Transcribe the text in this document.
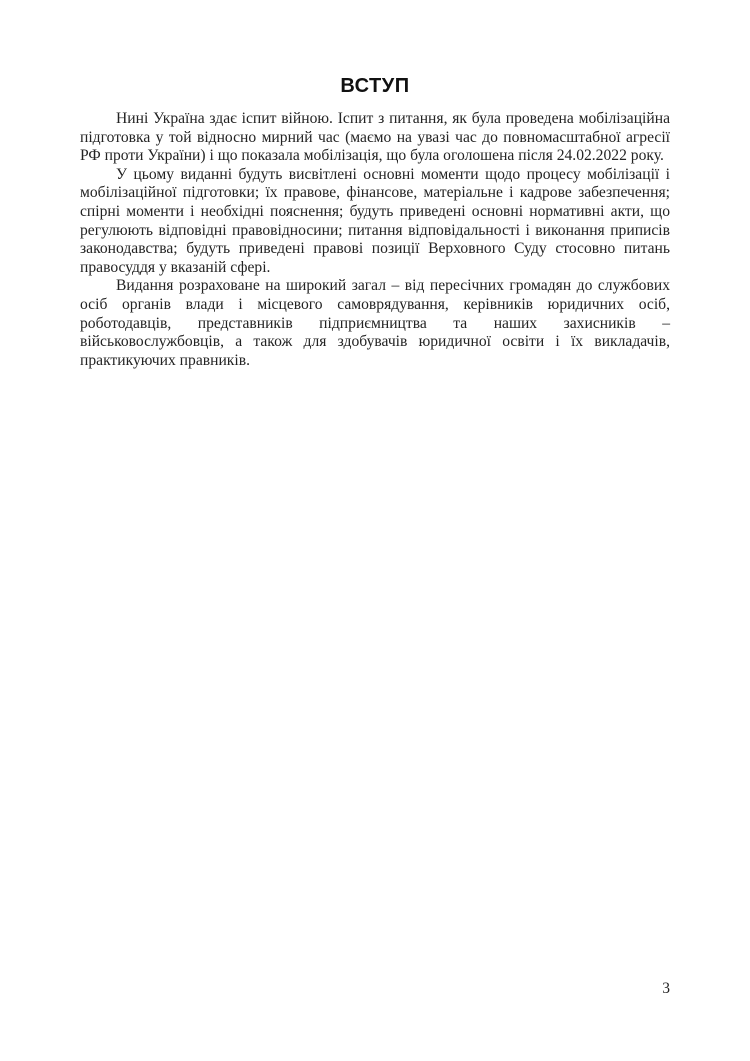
ВСТУП

Нині Україна здає іспит війною. Іспит з питання, як була проведена мобілізаційна підготовка у той відносно мирний час (маємо на увазі час до повномасштабної агресії РФ проти України) і що показала мобілізація, що була оголошена після 24.02.2022 року.

У цьому виданні будуть висвітлені основні моменти щодо процесу мобілізації і мобілізаційної підготовки; їх правове, фінансове, матеріальне і кадрове забезпечення; спірні моменти і необхідні пояснення; будуть приведені основні нормативні акти, що регулюють відповідні правовідносини; питання відповідальності і виконання приписів законодавства; будуть приведені правові позиції Верховного Суду стосовно питань правосуддя у вказаній сфері.

Видання розраховане на широкий загал – від пересічних громадян до службових осіб органів влади і місцевого самоврядування, керівників юридичних осіб, роботодавців, представників підприємництва та наших захисників – військовослужбовців, а також для здобувачів юридичної освіти і їх викладачів, практикуючих правників.

3
